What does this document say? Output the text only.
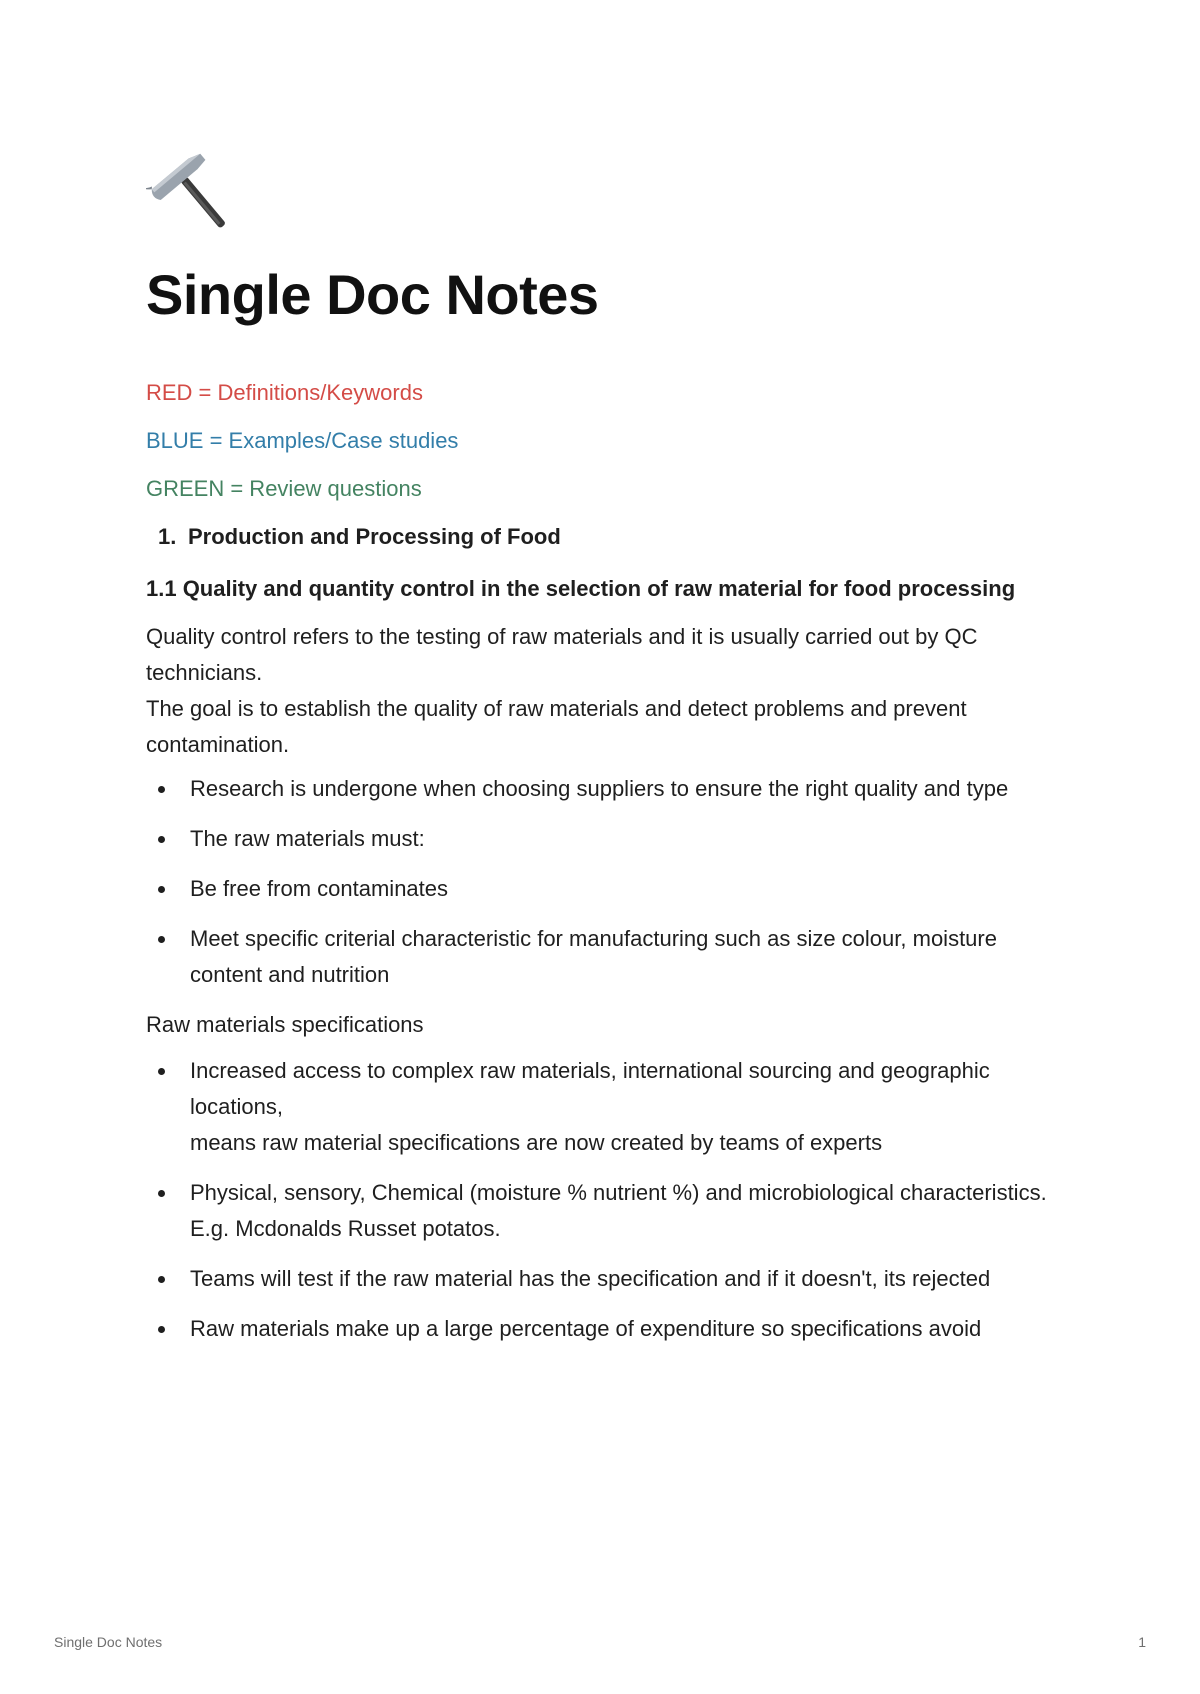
Single Doc Notes

RED = Definitions/Keywords

BLUE = Examples/Case studies

GREEN = Review questions

1. Production and Processing of Food
1.1 Quality and quantity control in the selection of raw material for food processing

Quality control refers to the testing of raw materials and it is usually carried out by QC technicians.
The goal is to establish the quality of raw materials and detect problems and prevent contamination.

Research is undergone when choosing suppliers to ensure the right quality and type
The raw materials must:
Be free from contaminates
Meet specific criterial characteristic for manufacturing such as size colour, moisture content and nutrition

Raw materials specifications

Increased access to complex raw materials, international sourcing and geographic locations,
means raw material specifications are now created by teams of experts
Physical, sensory, Chemical (moisture % nutrient %) and microbiological characteristics. E.g. Mcdonalds Russet potatos.
Teams will test if the raw material has the specification and if it doesn't, its rejected
Raw materials make up a large percentage of expenditure so specifications avoid
Single Doc Notes	1
